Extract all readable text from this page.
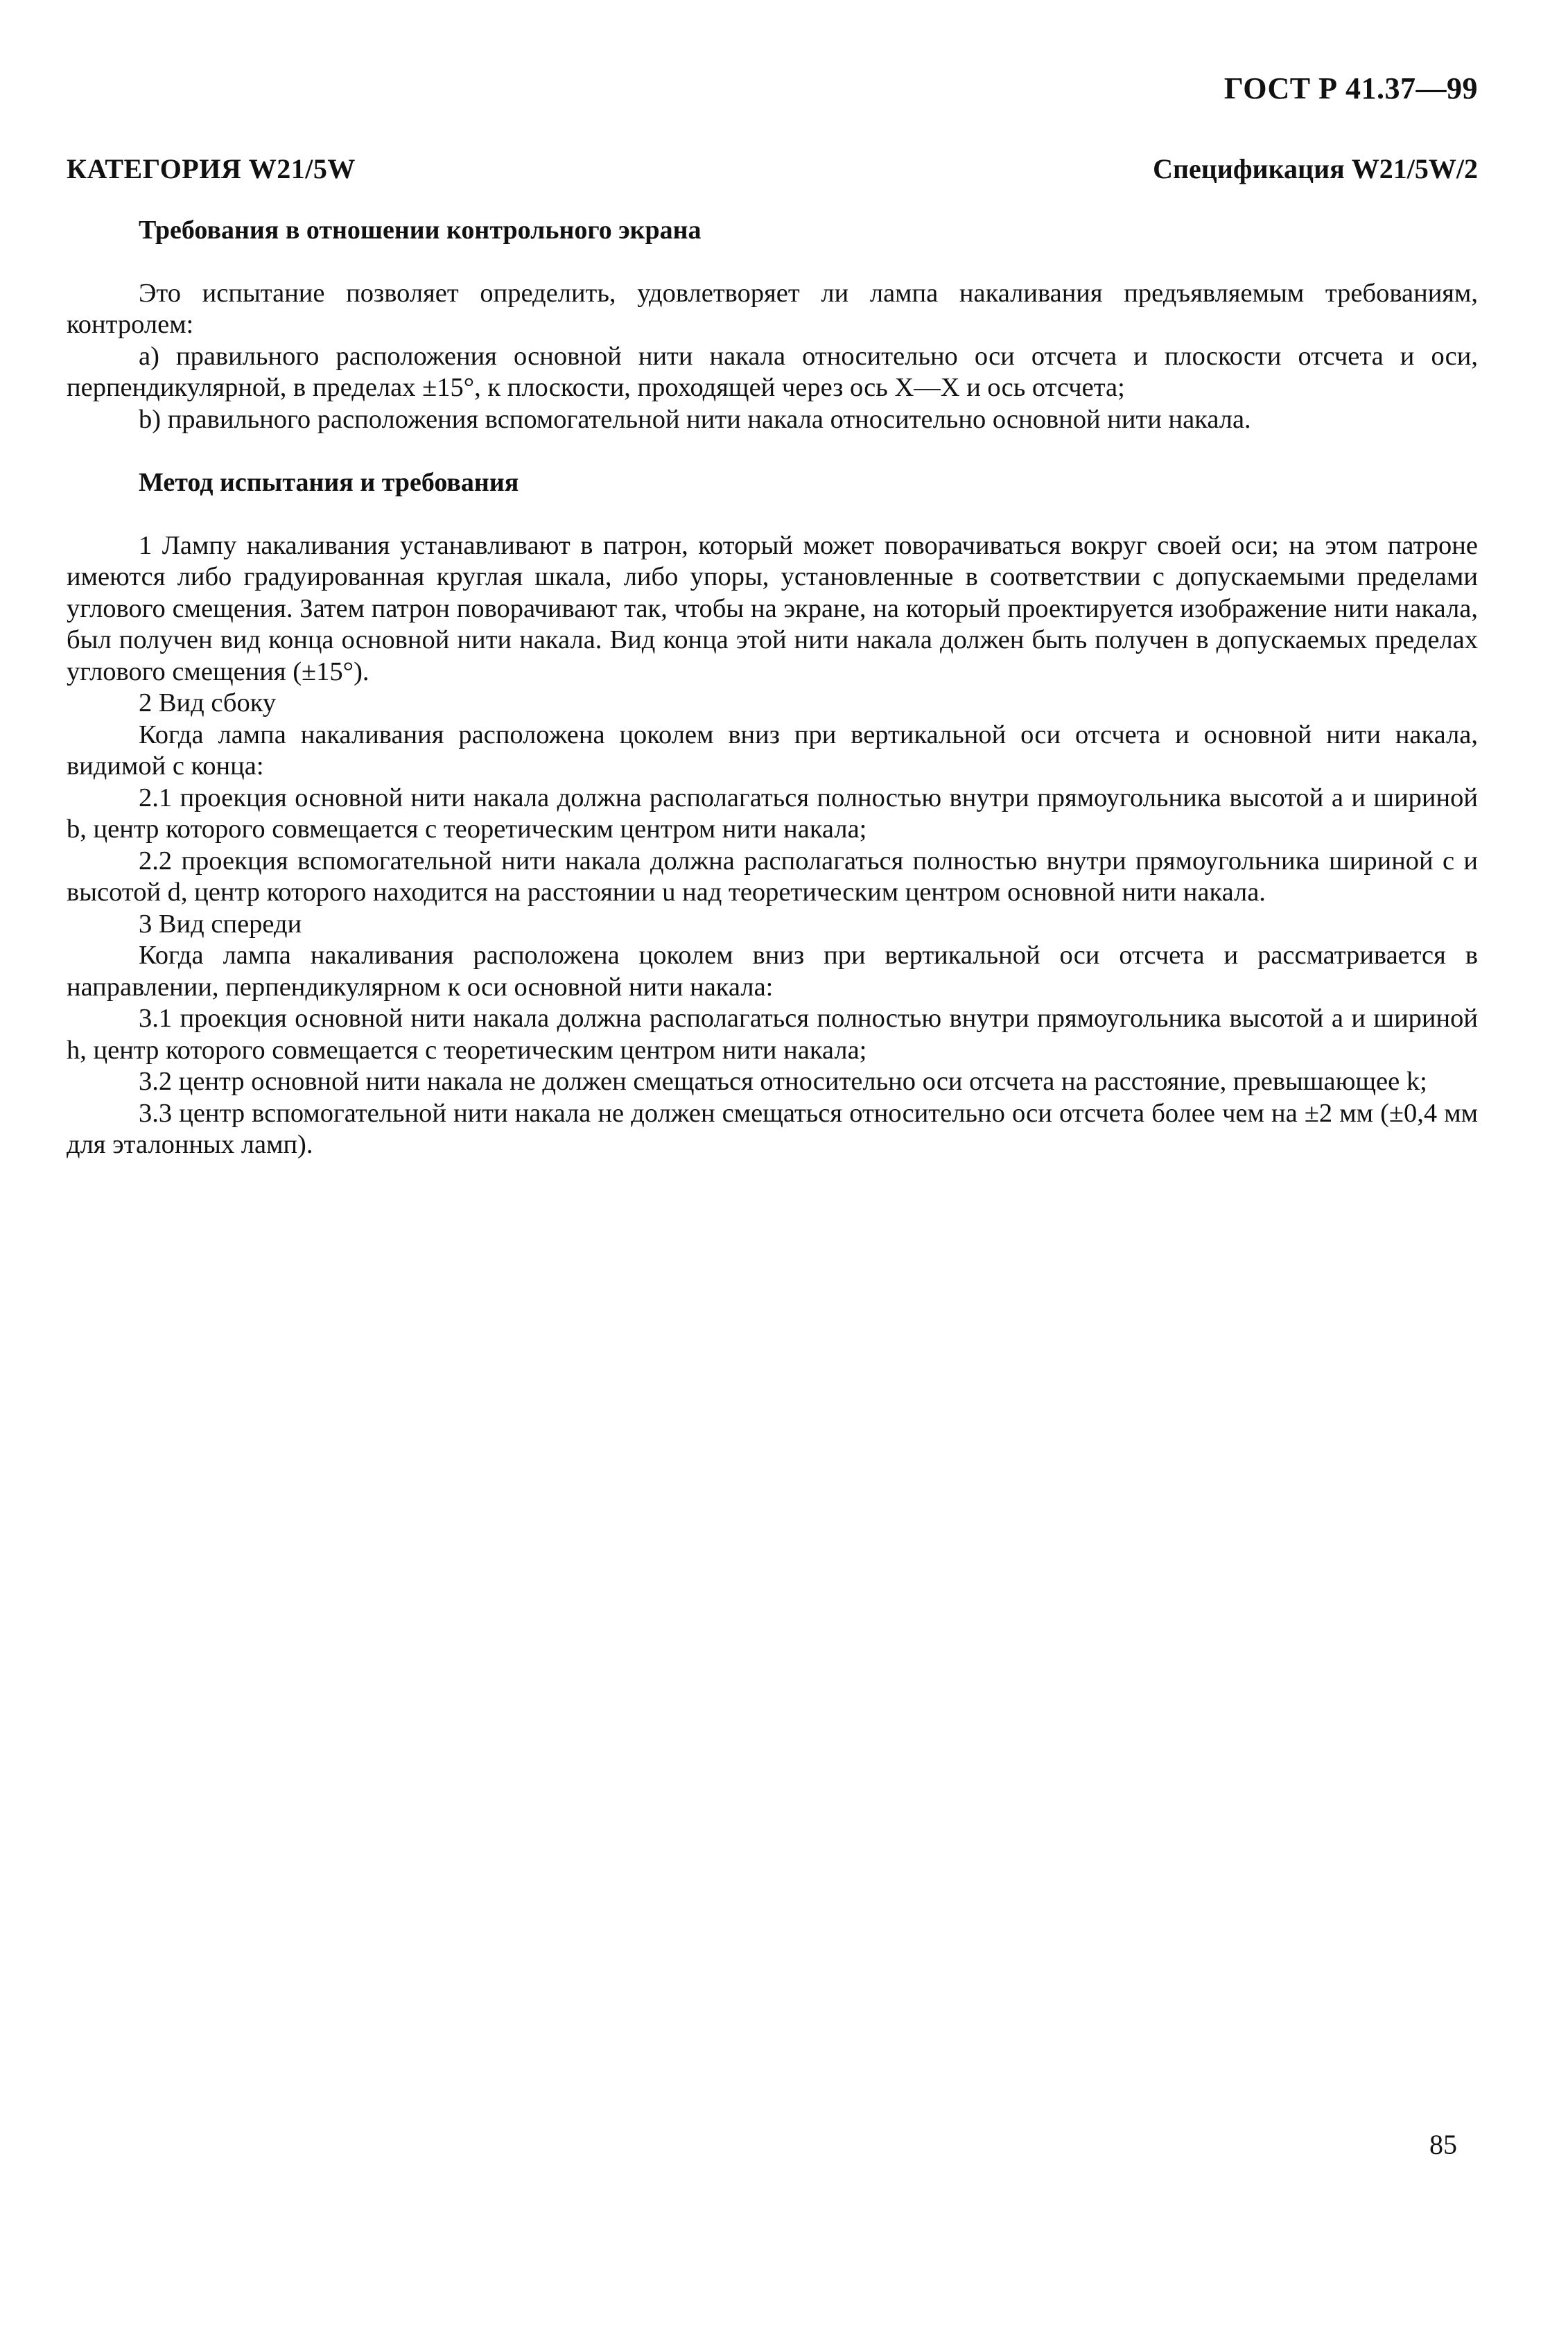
ГОСТ Р 41.37—99
КАТЕГОРИЯ W21/5W	Спецификация W21/5W/2
Требования в отношении контрольного экрана

Это испытание позволяет определить, удовлетворяет ли лампа накаливания предъявляемым требованиям, контролем:

а) правильного расположения основной нити накала относительно оси отсчета и плоскости отсчета и оси, перпендикулярной, в пределах ±15°, к плоскости, проходящей через ось X—X и ось отсчета;

b) правильного расположения вспомогательной нити накала относительно основной нити накала.

Метод испытания и требования

1 Лампу накаливания устанавливают в патрон, который может поворачиваться вокруг своей оси; на этом патроне имеются либо градуированная круглая шкала, либо упоры, установленные в соответствии с допускаемыми пределами углового смещения. Затем патрон поворачивают так, чтобы на экране, на который проектируется изображение нити накала, был получен вид конца основной нити накала. Вид конца этой нити накала должен быть получен в допускаемых пределах углового смещения (±15°).

2 Вид сбоку

Когда лампа накаливания расположена цоколем вниз при вертикальной оси отсчета и основной нити накала, видимой с конца:

2.1 проекция основной нити накала должна располагаться полностью внутри прямоугольника высотой a и шириной b, центр которого совмещается с теоретическим центром нити накала;

2.2 проекция вспомогательной нити накала должна располагаться полностью внутри прямоугольника шириной c и высотой d, центр которого находится на расстоянии u над теоретическим центром основной нити накала.

3 Вид спереди

Когда лампа накаливания расположена цоколем вниз при вертикальной оси отсчета и рассматривается в направлении, перпендикулярном к оси основной нити накала:

3.1 проекция основной нити накала должна располагаться полностью внутри прямоугольника высотой a и шириной h, центр которого совмещается с теоретическим центром нити накала;

3.2 центр основной нити накала не должен смещаться относительно оси отсчета на расстояние, превышающее k;

3.3 центр вспомогательной нити накала не должен смещаться относительно оси отсчета более чем на ±2 мм (±0,4 мм для эталонных ламп).

85
